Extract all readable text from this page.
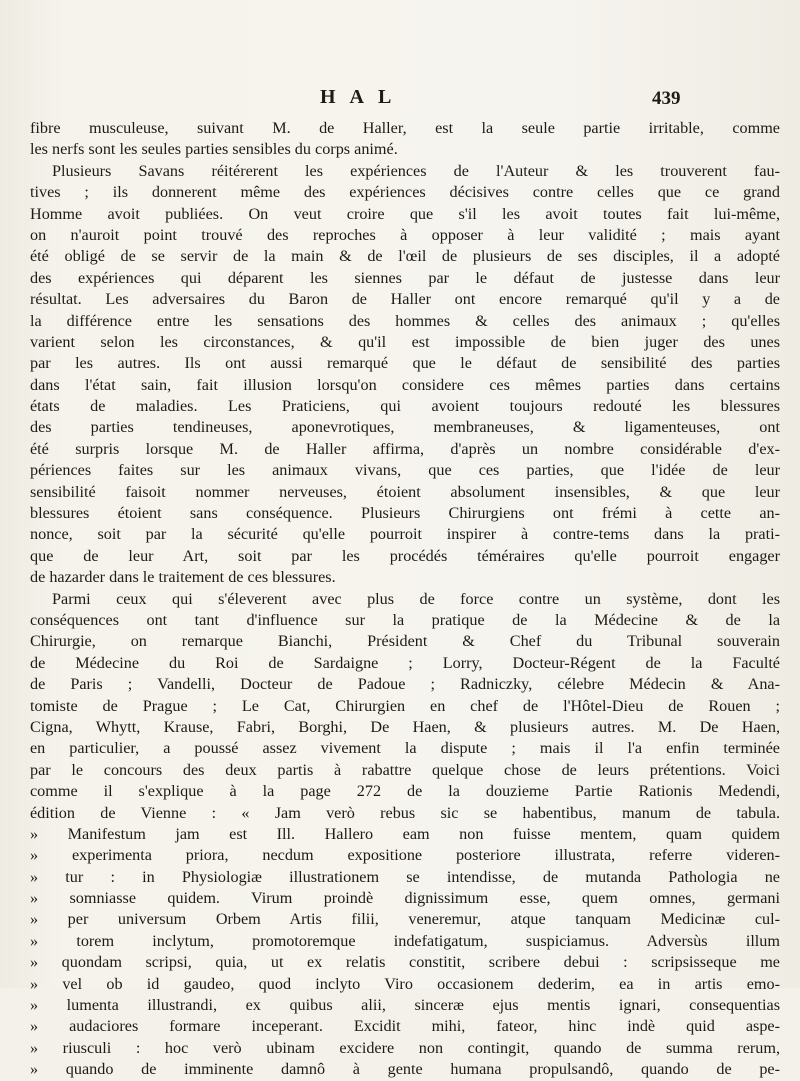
HAL	439
fibre musculeuse, suivant M. de Haller, est la seule partie irritable, comme
les nerfs sont les seules parties sensibles du corps animé.
Plusieurs Savans réitérerent les expériences de l'Auteur & les trouverent fau-
tives ; ils donnerent même des expériences décisives contre celles que ce grand
Homme avoit publiées. On veut croire que s'il les avoit toutes fait lui-même,
on n'auroit point trouvé des reproches à opposer à leur validité ; mais ayant
été obligé de se servir de la main & de l'œil de plusieurs de ses disciples, il a adopté
des expériences qui déparent les siennes par le défaut de justesse dans leur
résultat. Les adversaires du Baron de Haller ont encore remarqué qu'il y a de
la différence entre les sensations des hommes & celles des animaux ; qu'elles
varient selon les circonstances, & qu'il est impossible de bien juger des unes
par les autres. Ils ont aussi remarqué que le défaut de sensibilité des parties
dans l'état sain, fait illusion lorsqu'on considere ces mêmes parties dans certains
états de maladies. Les Praticiens, qui avoient toujours redouté les blessures
des parties tendineuses, aponevrotiques, membraneuses, & ligamenteuses, ont
été surpris lorsque M. de Haller affirma, d'après un nombre considérable d'ex-
périences faites sur les animaux vivans, que ces parties, que l'idée de leur
sensibilité faisoit nommer nerveuses, étoient absolument insensibles, & que leur
blessures étoient sans conséquence. Plusieurs Chirurgiens ont frémi à cette an-
nonce, soit par la sécurité qu'elle pourroit inspirer à contre-tems dans la prati-
que de leur Art, soit par les procédés téméraires qu'elle pourroit engager
de hazarder dans le traitement de ces blessures.
Parmi ceux qui s'éleverent avec plus de force contre un système, dont les
conséquences ont tant d'influence sur la pratique de la Médecine & de la
Chirurgie, on remarque Bianchi, Président & Chef du Tribunal souverain
de Médecine du Roi de Sardaigne ; Lorry, Docteur-Régent de la Faculté
de Paris ; Vandelli, Docteur de Padoue ; Radniczky, célebre Médecin & Ana-
tomiste de Prague ; Le Cat, Chirurgien en chef de l'Hôtel-Dieu de Rouen ;
Cigna, Whytt, Krause, Fabri, Borghi, De Haen, & plusieurs autres. M. De Haen,
en particulier, a poussé assez vivement la dispute ; mais il l'a enfin terminée
par le concours des deux partis à rabattre quelque chose de leurs prétentions. Voici
comme il s'explique à la page 272 de la douzieme Partie Rationis Medendi,
édition de Vienne : « Jam verò rebus sic se habentibus, manum de tabula.
» Manifestum jam est Ill. Hallero eam non fuisse mentem, quam quidem
» experimenta priora, necdum expositione posteriore illustrata, referre videren-
» tur : in Physiologiæ illustrationem se intendisse, de mutanda Pathologia ne
» somniasse quidem. Virum proindè dignissimum esse, quem omnes, germani
» per universum Orbem Artis filii, veneremur, atque tanquam Medicinæ cul-
» torem inclytum, promotoremque indefatigatum, suspiciamus. Adversùs illum
» quondam scripsi, quia, ut ex relatis constitit, scribere debui : scripsisseque me
» vel ob id gaudeo, quod inclyto Viro occasionem dederim, ea in artis emo-
» lumenta illustrandi, ex quibus alii, sinceræ ejus mentis ignari, consequentias
» audaciores formare inceperant. Excidit mihi, fateor, hinc indè quid aspe-
» riusculi : hoc verò ubinam excidere non contingit, quando de summa rerum,
» quando de imminente damnô à gente humana propulsandô, quando de pe-
